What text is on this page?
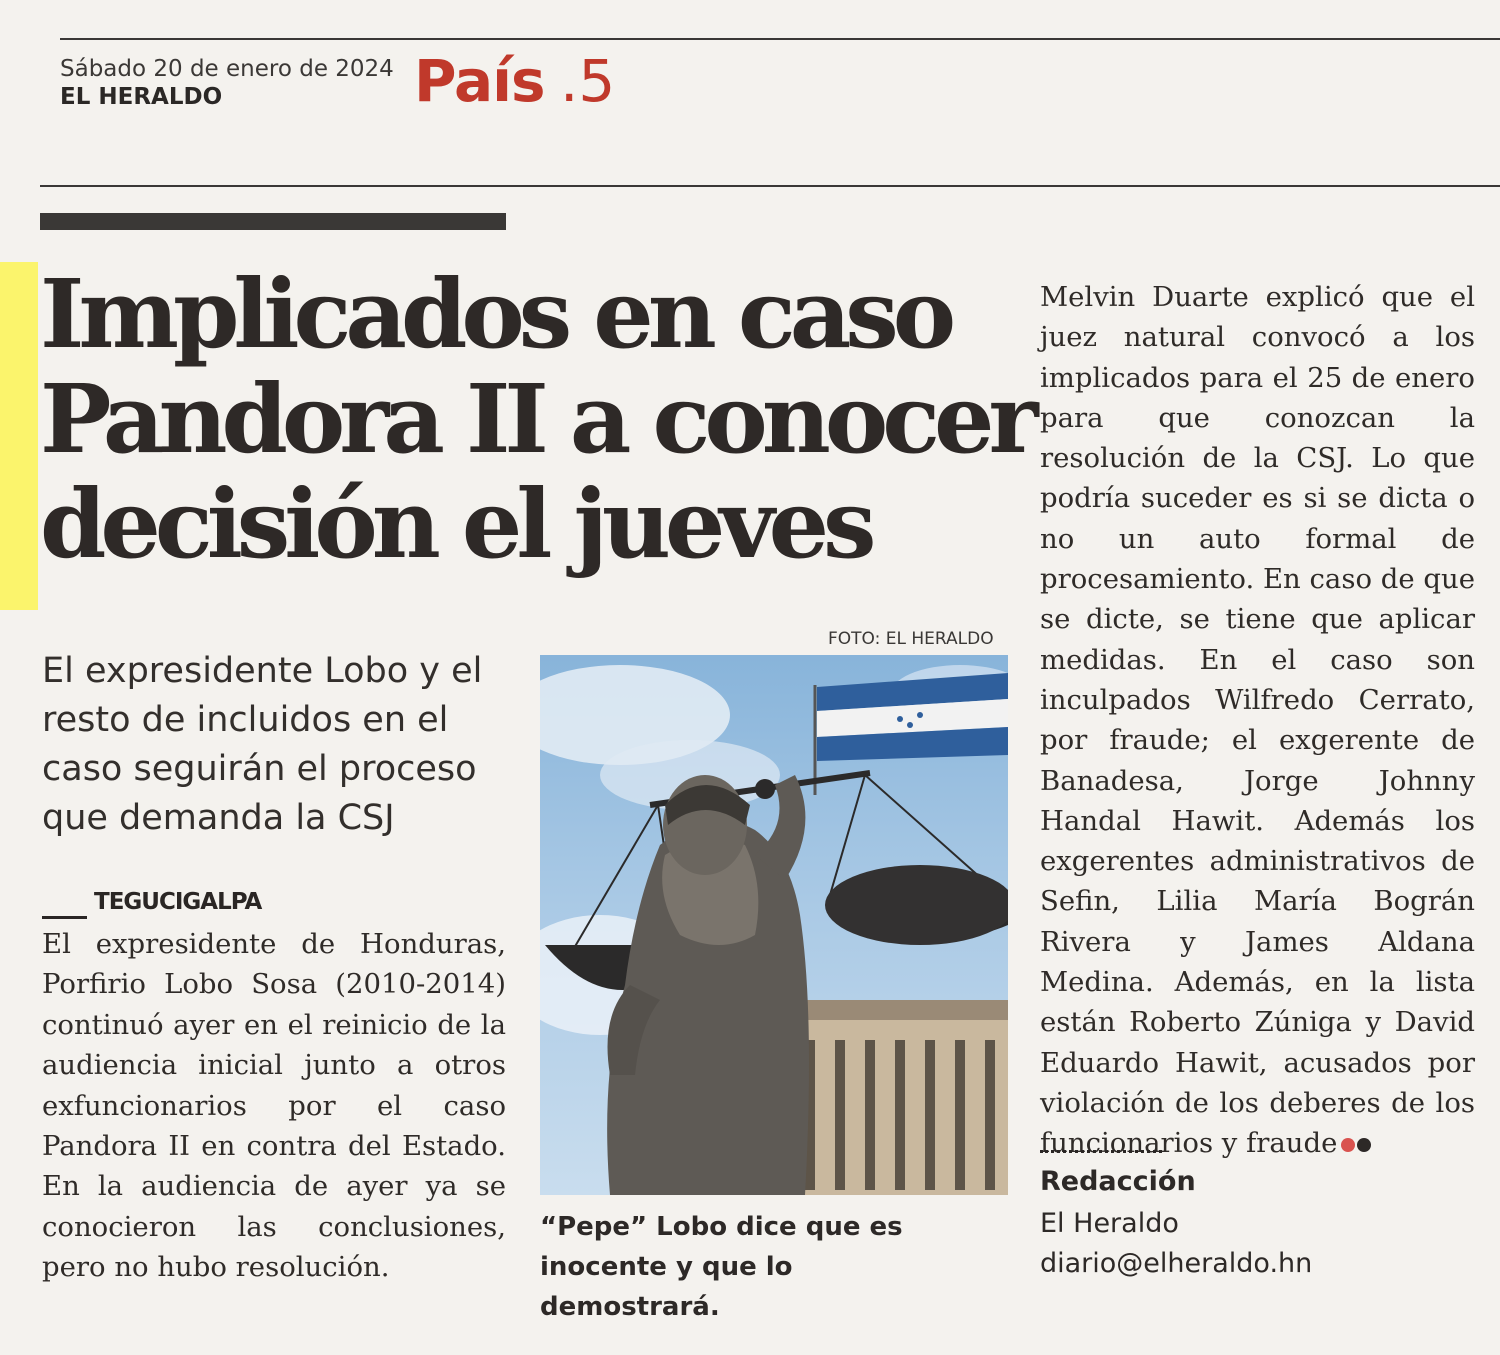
Sábado 20 de enero de 2024
EL HERALDO	País .5
Implicados en caso
Pandora II a conocer
decisión el jueves
El expresidente Lobo y el resto de incluidos en el caso seguirán el proceso que demanda la CSJ
TEGUCIGALPA
El expresidente de Honduras, Porfirio Lobo Sosa (2010-2014) continuó ayer en el reinicio de la audiencia inicial junto a otros exfuncionarios por el caso Pandora II en contra del Estado. En la audiencia de ayer ya se conocieron las conclusiones, pero no hubo resolución.
FOTO: EL HERALDO
“Pepe” Lobo dice que es inocente y que lo demostrará.
Melvin Duarte explicó que el juez natural convocó a los implicados para el 25 de enero para que conozcan la resolución de la CSJ. Lo que podría suceder es si se dicta o no un auto formal de procesamiento. En caso de que se dicte, se tiene que aplicar medidas. En el caso son inculpados Wilfredo Cerrato, por fraude; el exgerente de Banadesa, Jorge Johnny Handal Hawit. Además los exgerentes administrativos de Sefin, Lilia María Bográn Rivera y James Aldana Medina. Además, en la lista están Roberto Zúniga y David Eduardo Hawit, acusados por violación de los deberes de los funcionarios y fraude
Redacción
El Heraldo
diario@elheraldo.hn
